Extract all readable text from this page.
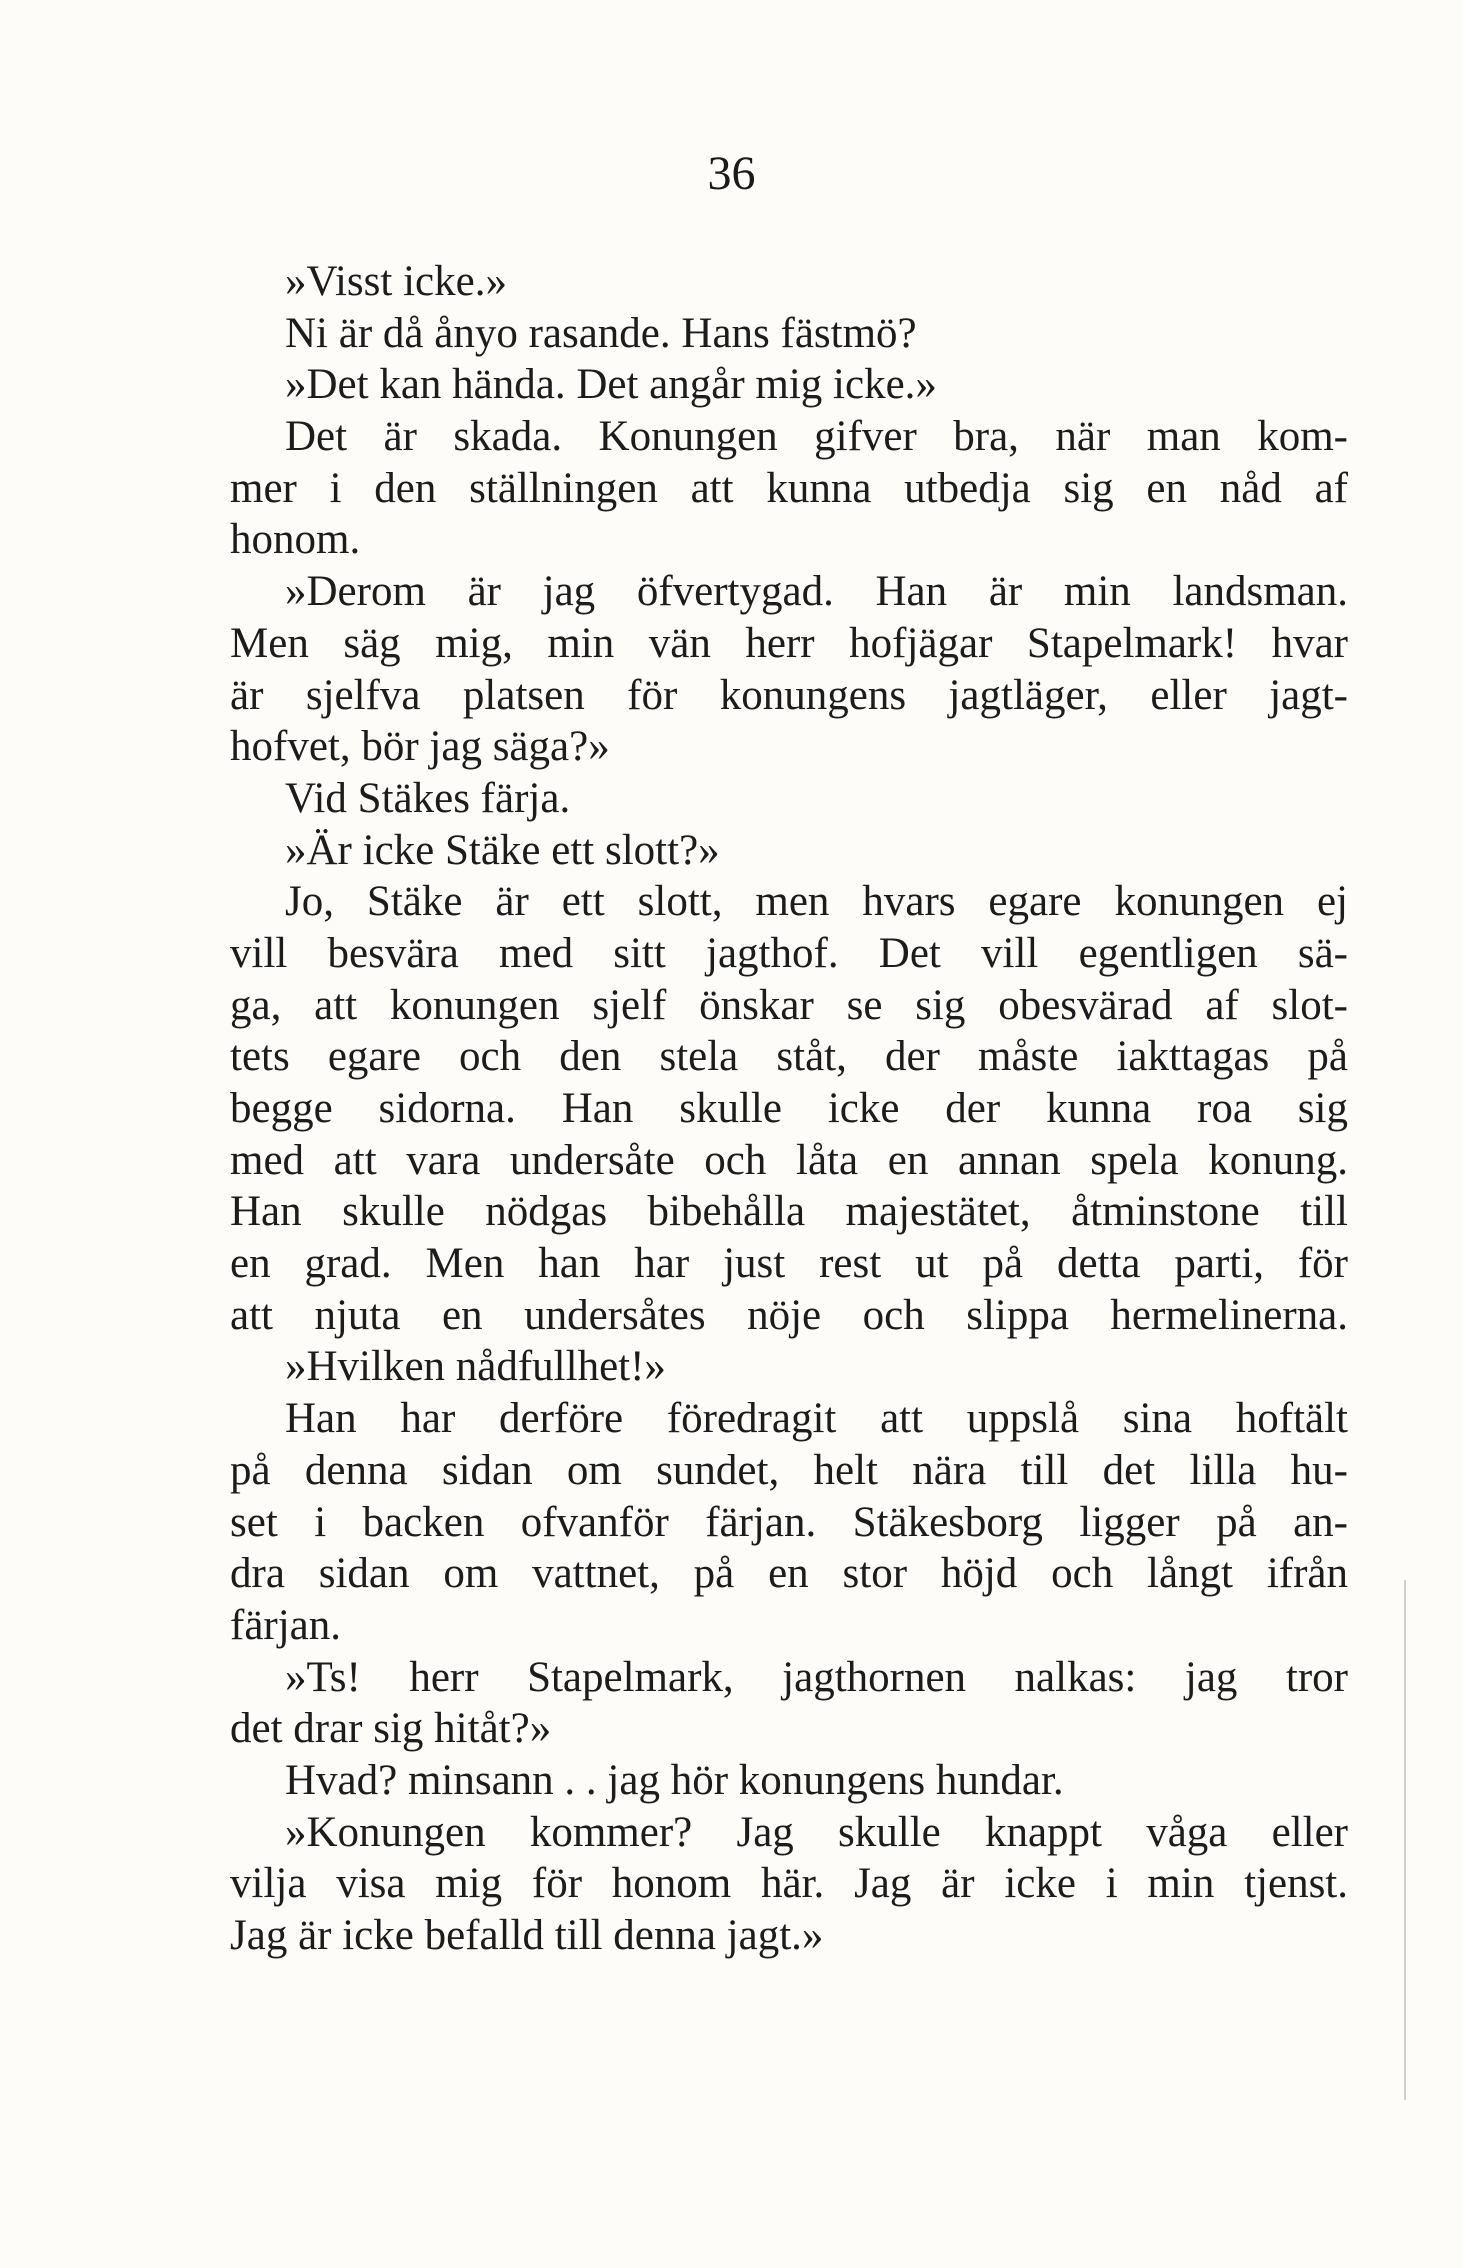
36
»Visst icke.»
Ni är då ånyo rasande. Hans fästmö?
»Det kan hända. Det angår mig icke.»
Det är skada. Konungen gifver bra, när man kom-
mer i den ställningen att kunna utbedja sig en nåd af
honom.
»Derom är jag öfvertygad. Han är min landsman.
Men säg mig, min vän herr hofjägar Stapelmark! hvar
är sjelfva platsen för konungens jagtläger, eller jagt-
hofvet, bör jag säga?»
Vid Stäkes färja.
»Är icke Stäke ett slott?»
Jo, Stäke är ett slott, men hvars egare konungen ej
vill besvära med sitt jagthof. Det vill egentligen sä-
ga, att konungen sjelf önskar se sig obesvärad af slot-
tets egare och den stela ståt, der måste iakttagas på
begge sidorna. Han skulle icke der kunna roa sig
med att vara undersåte och låta en annan spela konung.
Han skulle nödgas bibehålla majestätet, åtminstone till
en grad. Men han har just rest ut på detta parti, för
att njuta en undersåtes nöje och slippa hermelinerna.
»Hvilken nådfullhet!»
Han har derföre föredragit att uppslå sina hoftält
på denna sidan om sundet, helt nära till det lilla hu-
set i backen ofvanför färjan. Stäkesborg ligger på an-
dra sidan om vattnet, på en stor höjd och långt ifrån
färjan.
»Ts! herr Stapelmark, jagthornen nalkas: jag tror
det drar sig hitåt?»
Hvad? minsann . . jag hör konungens hundar.
»Konungen kommer? Jag skulle knappt våga eller
vilja visa mig för honom här. Jag är icke i min tjenst.
Jag är icke befalld till denna jagt.»
